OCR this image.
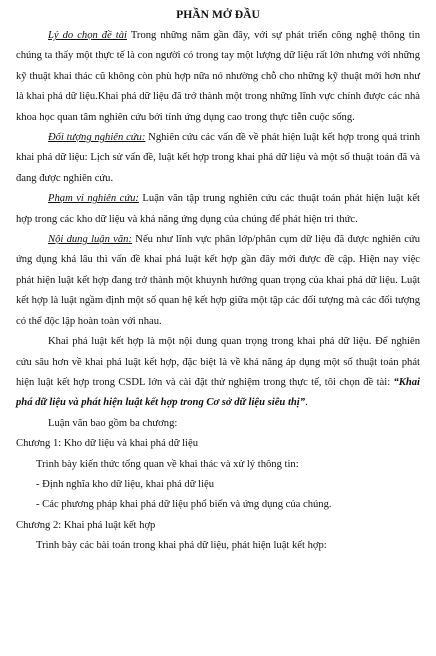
PHẦN MỞ ĐẦU

Lý do chọn đề tài Trong những năm gần đây, với sự phát triển công nghệ thông tin chúng ta thấy một thực tế là con người có trong tay một lượng dữ liệu rất lớn nhưng với những kỹ thuật khai thác cũ không còn phù hợp nữa nó nhường chỗ cho những kỹ thuật mới hơn như là khai phá dữ liệu.Khai phá dữ liệu đã trở thành một trong những lĩnh vực chính được các nhà khoa học quan tâm nghiên cứu bởi tính ứng dụng cao trong thực tiễn cuộc sống.

Đối tượng nghiên cứu: Nghiên cứu các vấn đề về phát hiện luật kết hợp trong quá trình khai phá dữ liệu: Lịch sử vấn đề, luật kết hợp trong khai phá dữ liệu và một số thuật toán đã và đang được nghiên cứu.

Phạm vi nghiên cứu: Luận văn tập trung nghiên cứu các thuật toán phát hiện luật kết hợp trong các kho dữ liệu và khả năng ứng dụng của chúng để phát hiện tri thức.

Nội dung luận văn: Nếu như lĩnh vực phân lớp/phân cụm dữ liệu đã được nghiên cứu ứng dụng khá lâu thì vấn đề khai phá luật kết hợp gần đây mới được đề cập. Hiện nay việc phát hiện luật kết hợp đang trở thành một khuynh hướng quan trọng của khai phá dữ liệu. Luật kết hợp là luật ngầm định một số quan hệ kết hợp giữa một tập các đối tượng mà các đối tượng có thể độc lập hoàn toàn với nhau.

Khai phá luật kết hợp là một nội dung quan trọng trong khai phá dữ liệu. Để nghiên cứu sâu hơn về khai phá luật kết hợp, đặc biệt là về khả năng áp dụng một số thuật toán phát hiện luật kết hợp trong CSDL lớn và cài đặt thử nghiệm trong thực tế, tôi chọn đề tài: “Khai phá dữ liệu và phát hiện luật kết hợp trong Cơ sở dữ liệu siêu thị”.

Luận văn bao gồm ba chương:

Chương 1: Kho dữ liệu và khai phá dữ liệu

Trình bày kiến thức tổng quan về khai thác và xử lý thông tin:

- Định nghĩa kho dữ liệu, khai phá dữ liệu

- Các phương pháp khai phá dữ liệu phổ biến và ứng dụng của chúng.

Chương 2: Khai phá luật kết hợp

Trình bày các bài toán trong khai phá dữ liệu, phát hiện luật kết hợp:
